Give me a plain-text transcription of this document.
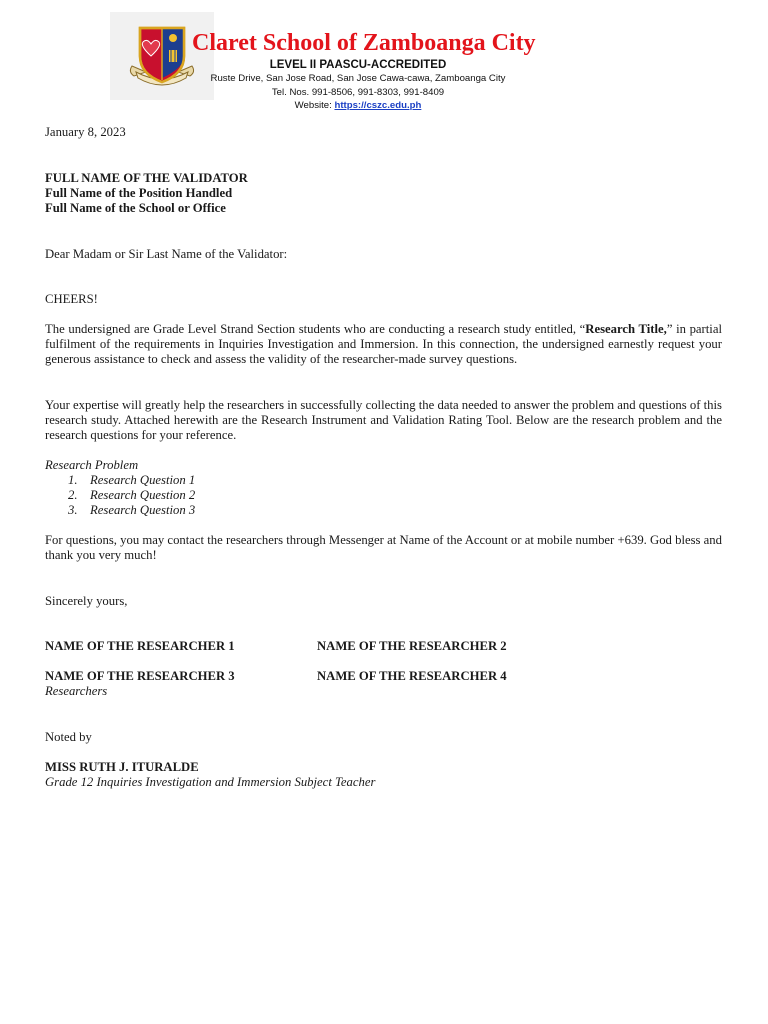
Claret School of Zamboanga City
LEVEL II PAASCU-ACCREDITED
Ruste Drive, San Jose Road, San Jose Cawa-cawa, Zamboanga City
Tel. Nos. 991-8506, 991-8303, 991-8409
Website: https://cszc.edu.ph

January 8, 2023

FULL NAME OF THE VALIDATOR

Full Name of the Position Handled

Full Name of the School or Office

Dear Madam or Sir Last Name of the Validator:

CHEERS!

The undersigned are Grade Level Strand Section students who are conducting a research study entitled, “Research Title,” in partial fulfilment of the requirements in Inquiries Investigation and Immersion. In this connection, the undersigned earnestly request your generous assistance to check and assess the validity of the researcher-made survey questions.

Your expertise will greatly help the researchers in successfully collecting the data needed to answer the problem and questions of this research study. Attached herewith are the Research Instrument and Validation Rating Tool. Below are the research problem and the research questions for your reference.

Research Problem

1. Research Question 1
2. Research Question 2
3. Research Question 3

For questions, you may contact the researchers through Messenger at Name of the Account or at mobile number +639. God bless and thank you very much!

Sincerely yours,

NAME OF THE RESEARCHER 1	NAME OF THE RESEARCHER 2

NAME OF THE RESEARCHER 3	NAME OF THE RESEARCHER 4

Researchers

Noted by

MISS RUTH J. ITURALDE

Grade 12 Inquiries Investigation and Immersion Subject Teacher
